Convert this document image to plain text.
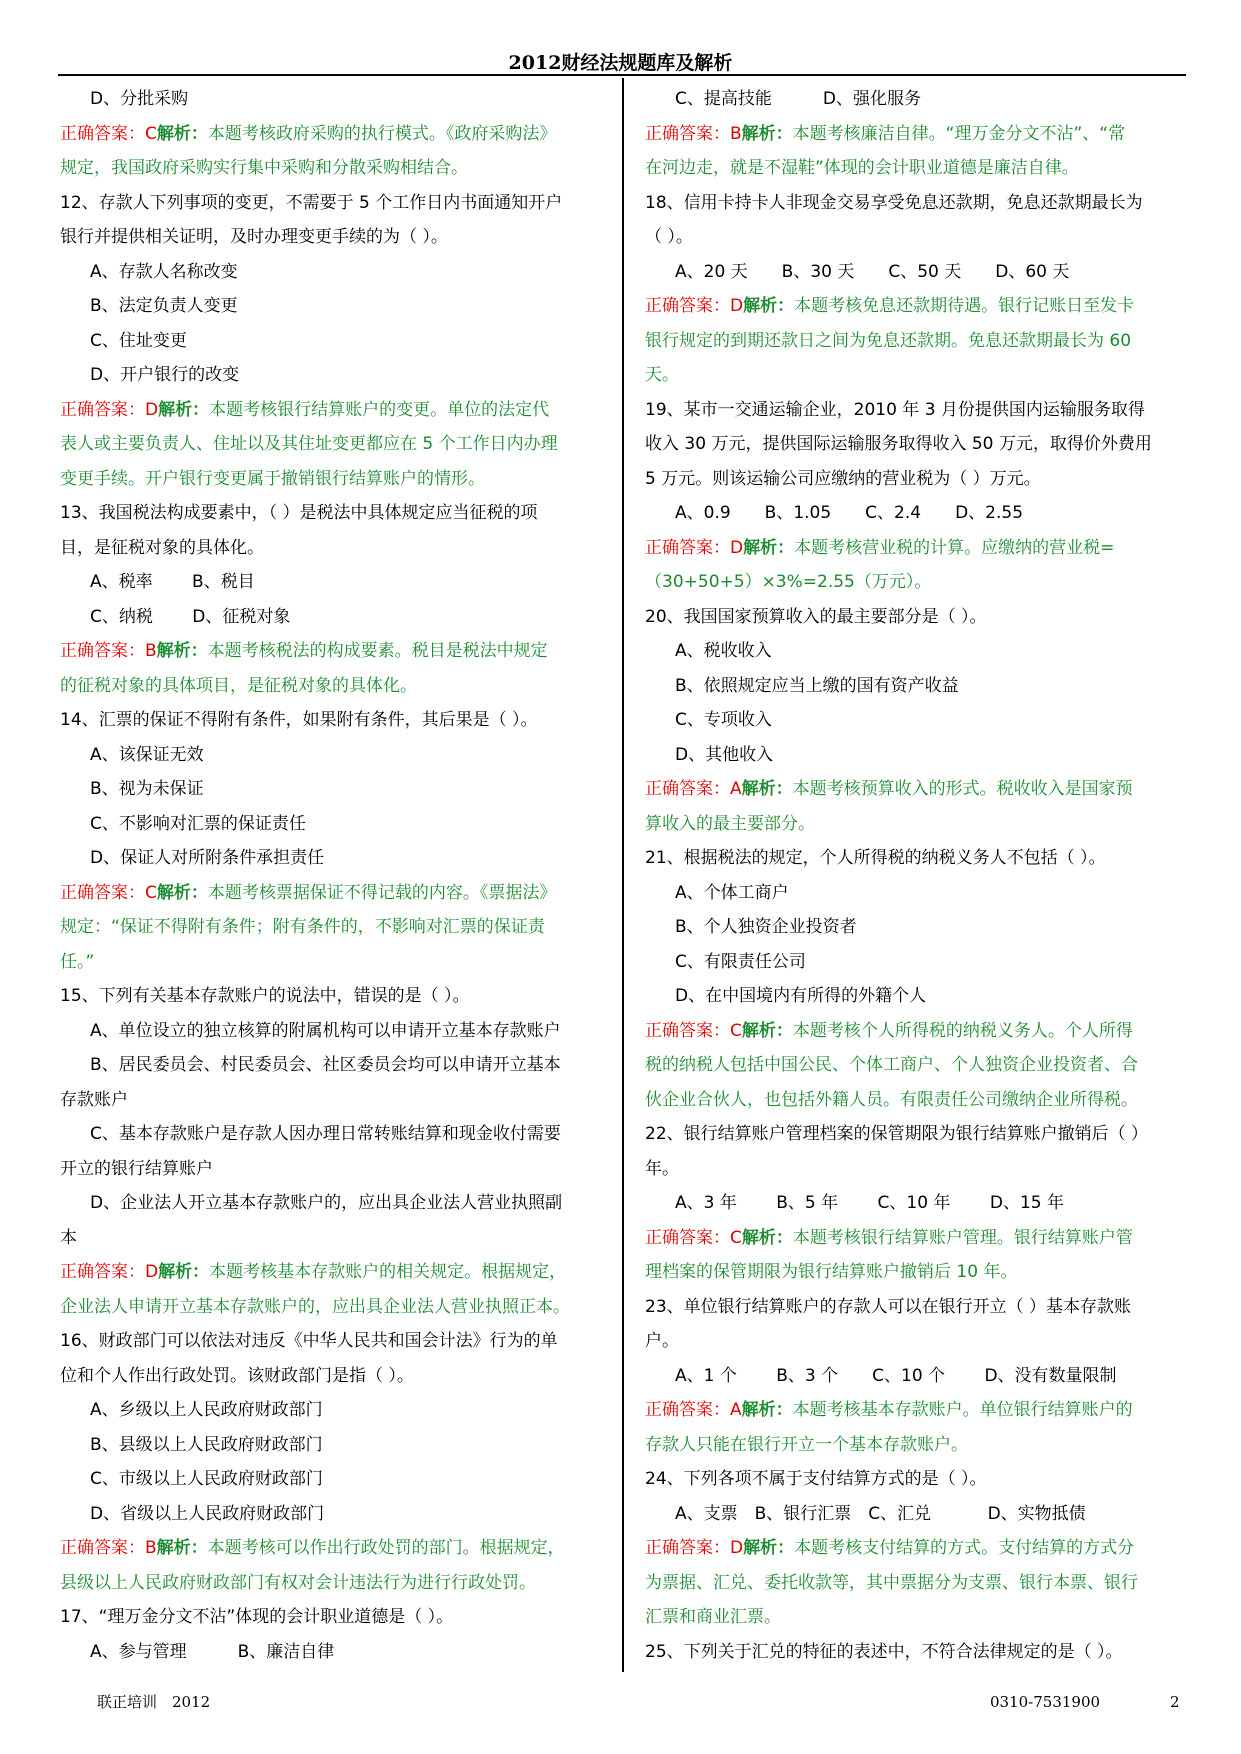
2012财经法规题库及解析
D、分批采购
正确答案：C解析：本题考核政府采购的执行模式。《政府采购法》
规定，我国政府采购实行集中采购和分散采购相结合。
12、存款人下列事项的变更，不需要于 5 个工作日内书面通知开户
银行并提供相关证明，及时办理变更手续的为（ ）。
A、存款人名称改变
B、法定负责人变更
C、住址变更
D、开户银行的改变
正确答案：D解析：本题考核银行结算账户的变更。单位的法定代
表人或主要负责人、住址以及其住址变更都应在 5 个工作日内办理
变更手续。开户银行变更属于撤销银行结算账户的情形。
13、我国税法构成要素中，（ ）是税法中具体规定应当征税的项
目，是征税对象的具体化。
A、税率　　 B、税目
C、纳税　　 D、征税对象
正确答案：B解析：本题考核税法的构成要素。税目是税法中规定
的征税对象的具体项目，是征税对象的具体化。
14、汇票的保证不得附有条件，如果附有条件，其后果是（ ）。
A、该保证无效
B、视为未保证
C、不影响对汇票的保证责任
D、保证人对所附条件承担责任
正确答案：C解析：本题考核票据保证不得记载的内容。《票据法》
规定：“保证不得附有条件；附有条件的，不影响对汇票的保证责
任。”
15、下列有关基本存款账户的说法中，错误的是（ ）。
A、单位设立的独立核算的附属机构可以申请开立基本存款账户
B、居民委员会、村民委员会、社区委员会均可以申请开立基本
存款账户
C、基本存款账户是存款人因办理日常转账结算和现金收付需要
开立的银行结算账户
D、企业法人开立基本存款账户的，应出具企业法人营业执照副
本
正确答案：D解析：本题考核基本存款账户的相关规定。根据规定，
企业法人申请开立基本存款账户的，应出具企业法人营业执照正本。
16、财政部门可以依法对违反《中华人民共和国会计法》行为的单
位和个人作出行政处罚。该财政部门是指（ ）。
A、乡级以上人民政府财政部门
B、县级以上人民政府财政部门
C、市级以上人民政府财政部门
D、省级以上人民政府财政部门
正确答案：B解析：本题考核可以作出行政处罚的部门。根据规定，
县级以上人民政府财政部门有权对会计违法行为进行行政处罚。
17、“理万金分文不沾”体现的会计职业道德是（ ）。
A、参与管理　　　B、廉洁自律
C、提高技能　　　D、强化服务
正确答案：B解析：本题考核廉洁自律。“理万金分文不沾”、“常
在河边走，就是不湿鞋”体现的会计职业道德是廉洁自律。
18、信用卡持卡人非现金交易享受免息还款期，免息还款期最长为
（ ）。
A、20 天　　B、30 天　　C、50 天　　D、60 天
正确答案：D解析：本题考核免息还款期待遇。银行记账日至发卡
银行规定的到期还款日之间为免息还款期。免息还款期最长为 60
天。
19、某市一交通运输企业，2010 年 3 月份提供国内运输服务取得
收入 30 万元，提供国际运输服务取得收入 50 万元，取得价外费用
5 万元。则该运输公司应缴纳的营业税为（ ）万元。
A、0.9　　B、1.05　　C、2.4　　D、2.55
正确答案：D解析：本题考核营业税的计算。应缴纳的营业税=
（30+50+5）×3%=2.55（万元）。
20、我国国家预算收入的最主要部分是（ ）。
A、税收收入
B、依照规定应当上缴的国有资产收益
C、专项收入
D、其他收入
正确答案：A解析：本题考核预算收入的形式。税收收入是国家预
算收入的最主要部分。
21、根据税法的规定，个人所得税的纳税义务人不包括（ ）。
A、个体工商户
B、个人独资企业投资者
C、有限责任公司
D、在中国境内有所得的外籍个人
正确答案：C解析：本题考核个人所得税的纳税义务人。个人所得
税的纳税人包括中国公民、个体工商户、个人独资企业投资者、合
伙企业合伙人，也包括外籍人员。有限责任公司缴纳企业所得税。
22、银行结算账户管理档案的保管期限为银行结算账户撤销后（ ）
年。
A、3 年　　 B、5 年　　 C、10 年　　 D、15 年
正确答案：C解析：本题考核银行结算账户管理。银行结算账户管
理档案的保管期限为银行结算账户撤销后 10 年。
23、单位银行结算账户的存款人可以在银行开立（ ）基本存款账
户。
A、1 个　　 B、3 个　　C、10 个　　 D、没有数量限制
正确答案：A解析：本题考核基本存款账户。单位银行结算账户的
存款人只能在银行开立一个基本存款账户。
24、下列各项不属于支付结算方式的是（ ）。
A、支票　B、银行汇票　C、汇兑　　　 D、实物抵债
正确答案：D解析：本题考核支付结算的方式。支付结算的方式分
为票据、汇兑、委托收款等，其中票据分为支票、银行本票、银行
汇票和商业汇票。
25、下列关于汇兑的特征的表述中，不符合法律规定的是（ ）。
联正培训　2012	0310-7531900	2
